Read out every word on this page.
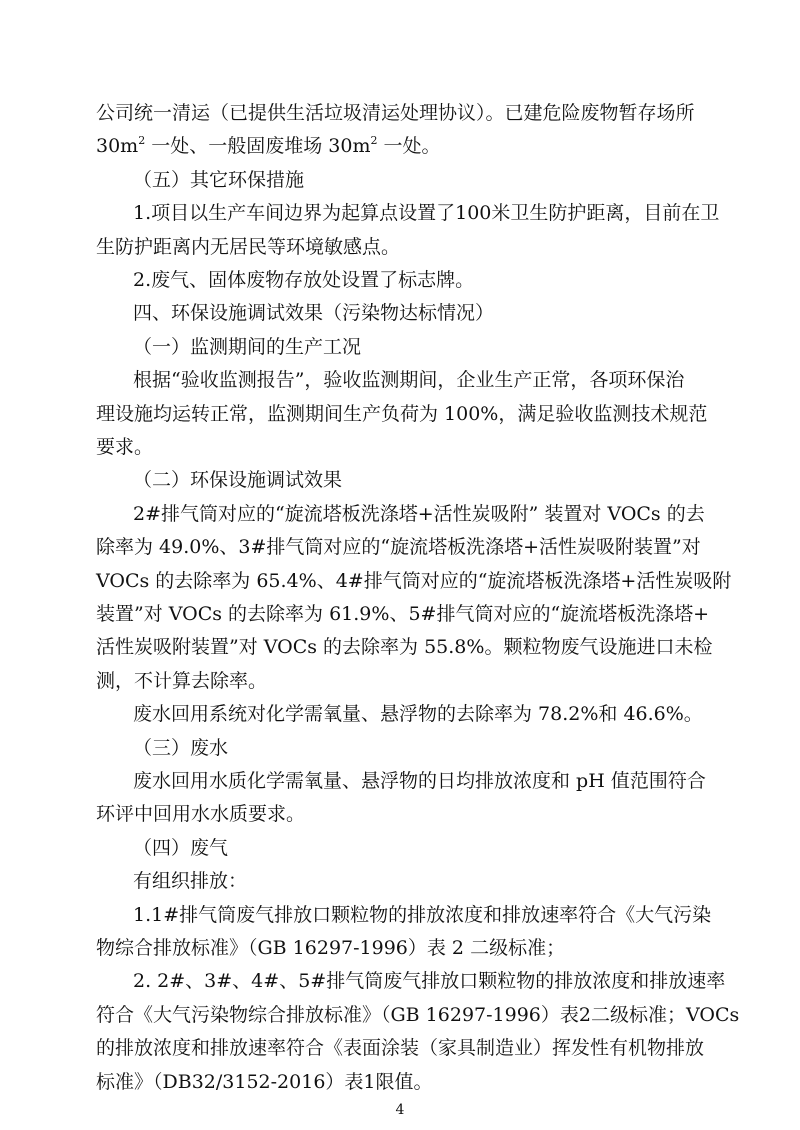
公司统一清运（已提供生活垃圾清运处理协议）。已建危险废物暂存场所
$30m^2$ 一处、一般固废堆场 $30m^2$ 一处。
（五）其它环保措施
1.项目以生产车间边界为起算点设置了100米卫生防护距离，目前在卫
生防护距离内无居民等环境敏感点。
2.废气、固体废物存放处设置了标志牌。
四、环保设施调试效果（污染物达标情况）
（一）监测期间的生产工况
根据“验收监测报告”，验收监测期间，企业生产正常，各项环保治
理设施均运转正常，监测期间生产负荷为 100%，满足验收监测技术规范
要求。
（二）环保设施调试效果
2#排气筒对应的“旋流塔板洗涤塔+活性炭吸附” 装置对 VOCs 的去
除率为 49.0%、3#排气筒对应的“旋流塔板洗涤塔+活性炭吸附装置”对
VOCs 的去除率为 65.4%、4#排气筒对应的“旋流塔板洗涤塔+活性炭吸附
装置”对 VOCs 的去除率为 61.9%、5#排气筒对应的“旋流塔板洗涤塔+
活性炭吸附装置”对 VOCs 的去除率为 55.8%。颗粒物废气设施进口未检
测，不计算去除率。
废水回用系统对化学需氧量、悬浮物的去除率为 78.2%和 46.6%。
（三）废水
废水回用水质化学需氧量、悬浮物的日均排放浓度和 pH 值范围符合
环评中回用水水质要求。
（四）废气
有组织排放：
1.1#排气筒废气排放口颗粒物的排放浓度和排放速率符合《大气污染
物综合排放标准》（GB 16297-1996）表 2 二级标准；
2. 2#、3#、4#、5#排气筒废气排放口颗粒物的排放浓度和排放速率
符合《大气污染物综合排放标准》（GB 16297-1996）表2二级标准；VOCs
的排放浓度和排放速率符合《表面涂装（家具制造业）挥发性有机物排放
标准》（DB32/3152-2016）表1限值。
4
